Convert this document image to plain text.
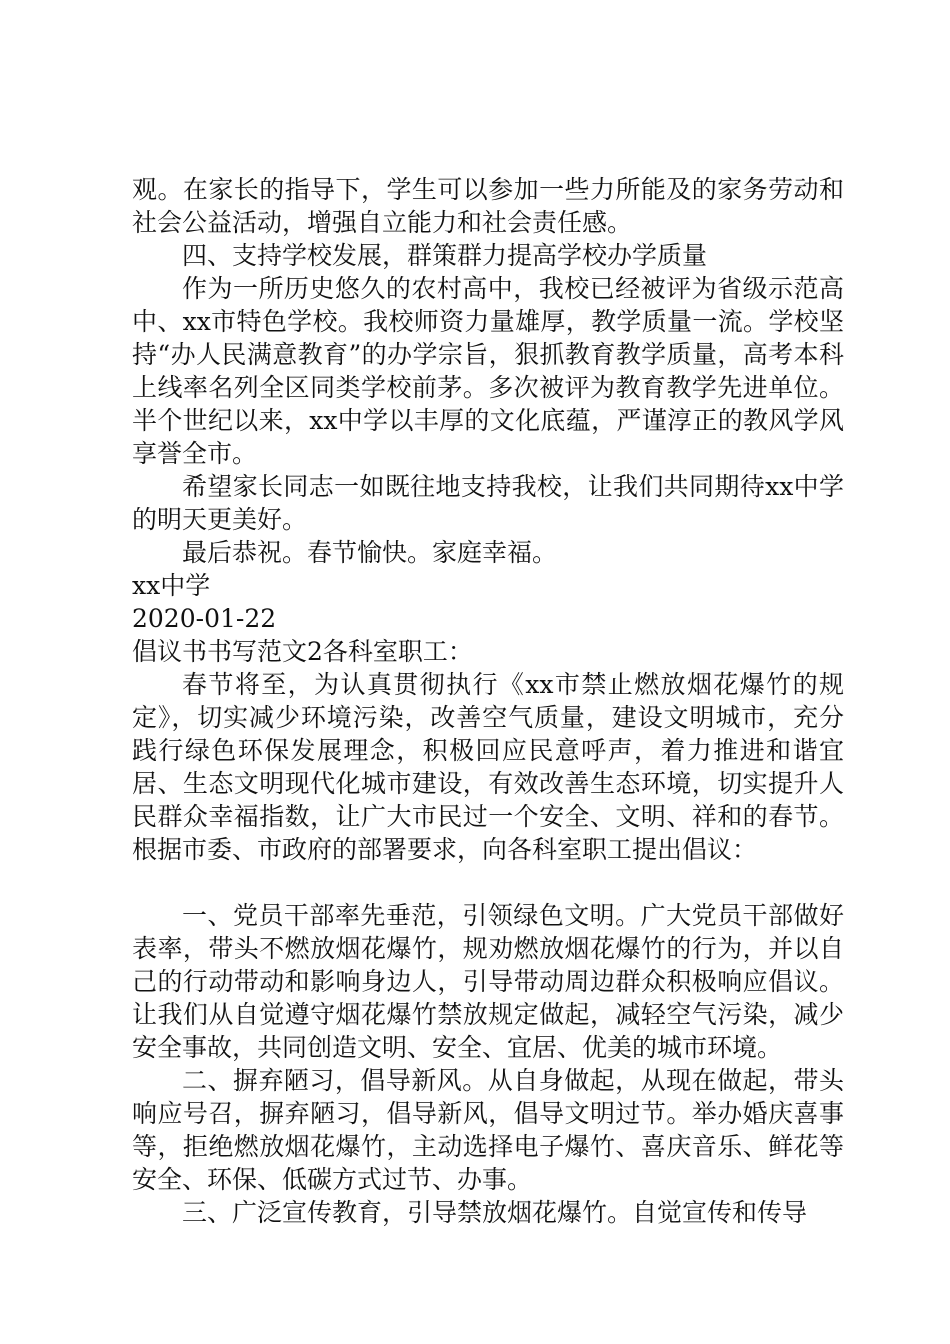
观。在家长的指导下，学生可以参加一些力所能及的家务劳动和社会公益活动，增强自立能力和社会责任感。

四、支持学校发展，群策群力提高学校办学质量

作为一所历史悠久的农村高中，我校已经被评为省级示范高中、xx市特色学校。我校师资力量雄厚，教学质量一流。学校坚持“办人民满意教育”的办学宗旨，狠抓教育教学质量，高考本科上线率名列全区同类学校前茅。多次被评为教育教学先进单位。半个世纪以来，xx中学以丰厚的文化底蕴，严谨淳正的教风学风享誉全市。

希望家长同志一如既往地支持我校，让我们共同期待xx中学的明天更美好。

最后恭祝。春节愉快。家庭幸福。

xx中学

2020-01-22

倡议书书写范文2各科室职工：

春节将至，为认真贯彻执行《xx市禁止燃放烟花爆竹的规定》，切实减少环境污染，改善空气质量，建设文明城市，充分践行绿色环保发展理念，积极回应民意呼声，着力推进和谐宜居、生态文明现代化城市建设，有效改善生态环境，切实提升人民群众幸福指数，让广大市民过一个安全、文明、祥和的春节。根据市委、市政府的部署要求，向各科室职工提出倡议：

一、党员干部率先垂范，引领绿色文明。广大党员干部做好表率，带头不燃放烟花爆竹，规劝燃放烟花爆竹的行为，并以自己的行动带动和影响身边人，引导带动周边群众积极响应倡议。让我们从自觉遵守烟花爆竹禁放规定做起，减轻空气污染，减少安全事故，共同创造文明、安全、宜居、优美的城市环境。

二、摒弃陋习，倡导新风。从自身做起，从现在做起，带头响应号召，摒弃陋习，倡导新风，倡导文明过节。举办婚庆喜事等，拒绝燃放烟花爆竹，主动选择电子爆竹、喜庆音乐、鲜花等安全、环保、低碳方式过节、办事。

三、广泛宣传教育，引导禁放烟花爆竹。自觉宣传和传导
